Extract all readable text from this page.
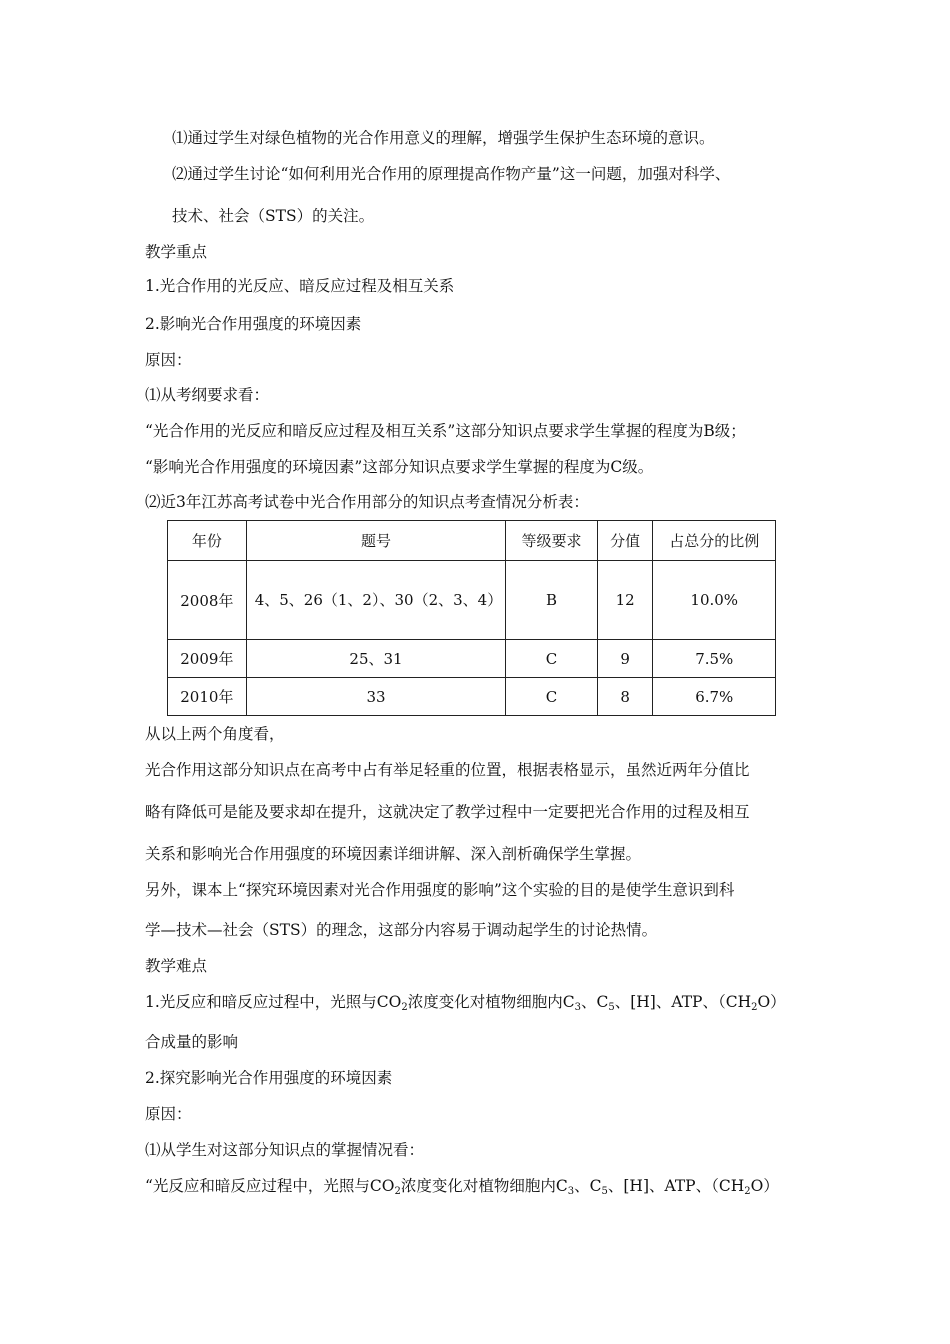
⑴通过学生对绿色植物的光合作用意义的理解，增强学生保护生态环境的意识。
⑵通过学生讨论“如何利用光合作用的原理提高作物产量”这一问题，加强对科学、
技术、社会（STS）的关注。
教学重点
1.光合作用的光反应、暗反应过程及相互关系
2.影响光合作用强度的环境因素
原因：
⑴从考纲要求看：
“光合作用的光反应和暗反应过程及相互关系”这部分知识点要求学生掌握的程度为B级；
“影响光合作用强度的环境因素”这部分知识点要求学生掌握的程度为C级。
⑵近3年江苏高考试卷中光合作用部分的知识点考查情况分析表：
年份	题号	等级要求	分值	占总分的比例
2008年	4、5、26（1、2）、30（2、3、4）	B	12	10.0%
2009年	25、31	C	9	7.5%
2010年	33	C	8	6.7%
从以上两个角度看，
光合作用这部分知识点在高考中占有举足轻重的位置，根据表格显示，虽然近两年分值比
略有降低可是能及要求却在提升，这就决定了教学过程中一定要把光合作用的过程及相互
关系和影响光合作用强度的环境因素详细讲解、深入剖析确保学生掌握。
另外，课本上“探究环境因素对光合作用强度的影响”这个实验的目的是使学生意识到科
学—技术—社会（STS）的理念，这部分内容易于调动起学生的讨论热情。
教学难点
1.光反应和暗反应过程中，光照与$CO_2$浓度变化对植物细胞内$C_3$、$C_5$、[H]、ATP、$(CH_2O)$
合成量的影响
2.探究影响光合作用强度的环境因素
原因：
⑴从学生对这部分知识点的掌握情况看：
“光反应和暗反应过程中，光照与$CO_2$浓度变化对植物细胞内$C_3$、$C_5$、[H]、ATP、$(CH_2O)$
